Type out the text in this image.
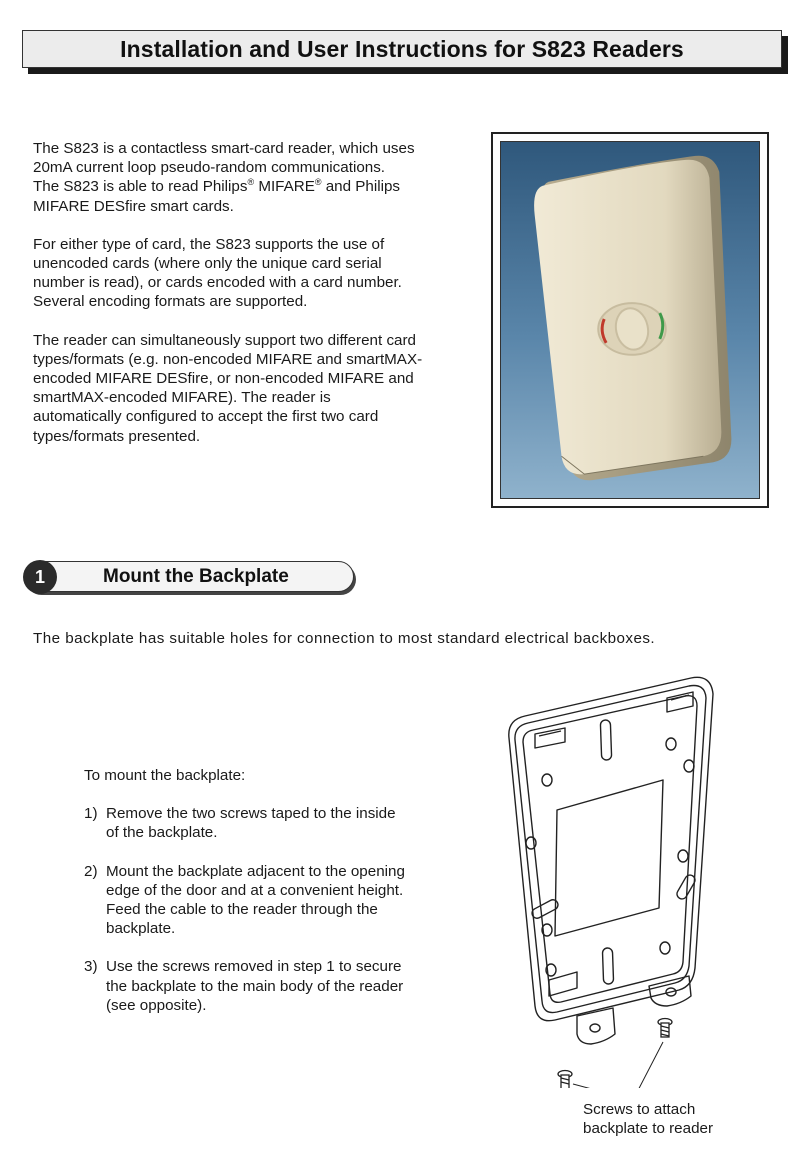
Installation and User Instructions for S823 Readers

The S823 is a contactless smart-card reader, which uses
20mA current loop pseudo-random communications.
The S823 is able to read Philips® MIFARE® and Philips
MIFARE DESfire smart cards.

For either type of card, the S823 supports the use of
unencoded cards (where only the unique card serial
number is read), or cards encoded with a card number.
Several encoding formats are supported.

The reader can simultaneously support two different card
types/formats (e.g. non-encoded MIFARE and smartMAX-
encoded MIFARE DESfire, or non-encoded MIFARE and
smartMAX-encoded MIFARE). The reader is
automatically configured to accept the first two card
types/formats presented.

1	Mount the Backplate
The backplate has suitable holes for connection to most standard electrical backboxes.
To mount the backplate:
1) Remove the two screws taped to the inside
of the backplate.
2) Mount the backplate adjacent to the opening
edge of the door and at a convenient height.
Feed the cable to the reader through the
backplate.
3) Use the screws removed in step 1 to secure
the backplate to the main body of the reader
(see opposite).
Screws to attach
backplate to reader
